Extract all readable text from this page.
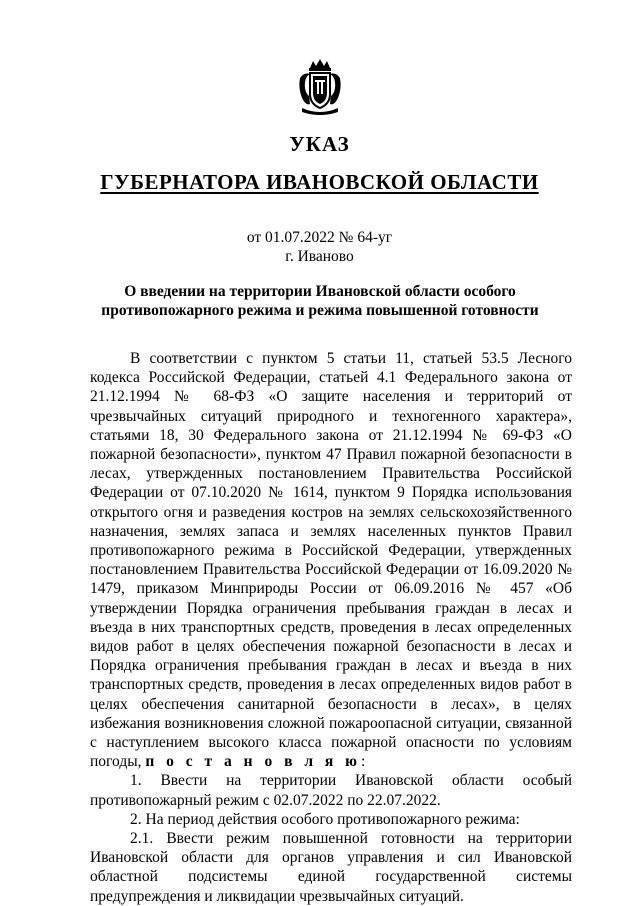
УКАЗ
ГУБЕРНАТОРА ИВАНОВСКОЙ ОБЛАСТИ
от 01.07.2022 № 64-уг
г. Иваново
О введении на территории Ивановской области особого противопожарного режима и режима повышенной готовности
В соответствии с пунктом 5 статьи 11, статьей 53.5 Лесного кодекса Российской Федерации, статьей 4.1 Федерального закона от 21.12.1994 № 68-ФЗ «О защите населения и территорий от чрезвычайных ситуаций природного и техногенного характера», статьями 18, 30 Федерального закона от 21.12.1994 № 69-ФЗ «О пожарной безопасности», пунктом 47 Правил пожарной безопасности в лесах, утвержденных постановлением Правительства Российской Федерации от 07.10.2020 № 1614, пунктом 9 Порядка использования открытого огня и разведения костров на землях сельскохозяйственного назначения, землях запаса и землях населенных пунктов Правил противопожарного режима в Российской Федерации, утвержденных постановлением Правительства Российской Федерации от 16.09.2020 № 1479, приказом Минприроды России от 06.09.2016 № 457 «Об утверждении Порядка ограничения пребывания граждан в лесах и въезда в них транспортных средств, проведения в лесах определенных видов работ в целях обеспечения пожарной безопасности в лесах и Порядка ограничения пребывания граждан в лесах и въезда в них транспортных средств, проведения в лесах определенных видов работ в целях обеспечения санитарной безопасности в лесах», в целях избежания возникновения сложной пожароопасной ситуации, связанной с наступлением высокого класса пожарной опасности по условиям погоды, п о с т а н о в л я ю:

1. Ввести на территории Ивановской области особый противопожарный режим с 02.07.2022 по 22.07.2022.

2. На период действия особого противопожарного режима:

2.1. Ввести режим повышенной готовности на территории Ивановской области для органов управления и сил Ивановской областной подсистемы единой государственной системы предупреждения и ликвидации чрезвычайных ситуаций.
